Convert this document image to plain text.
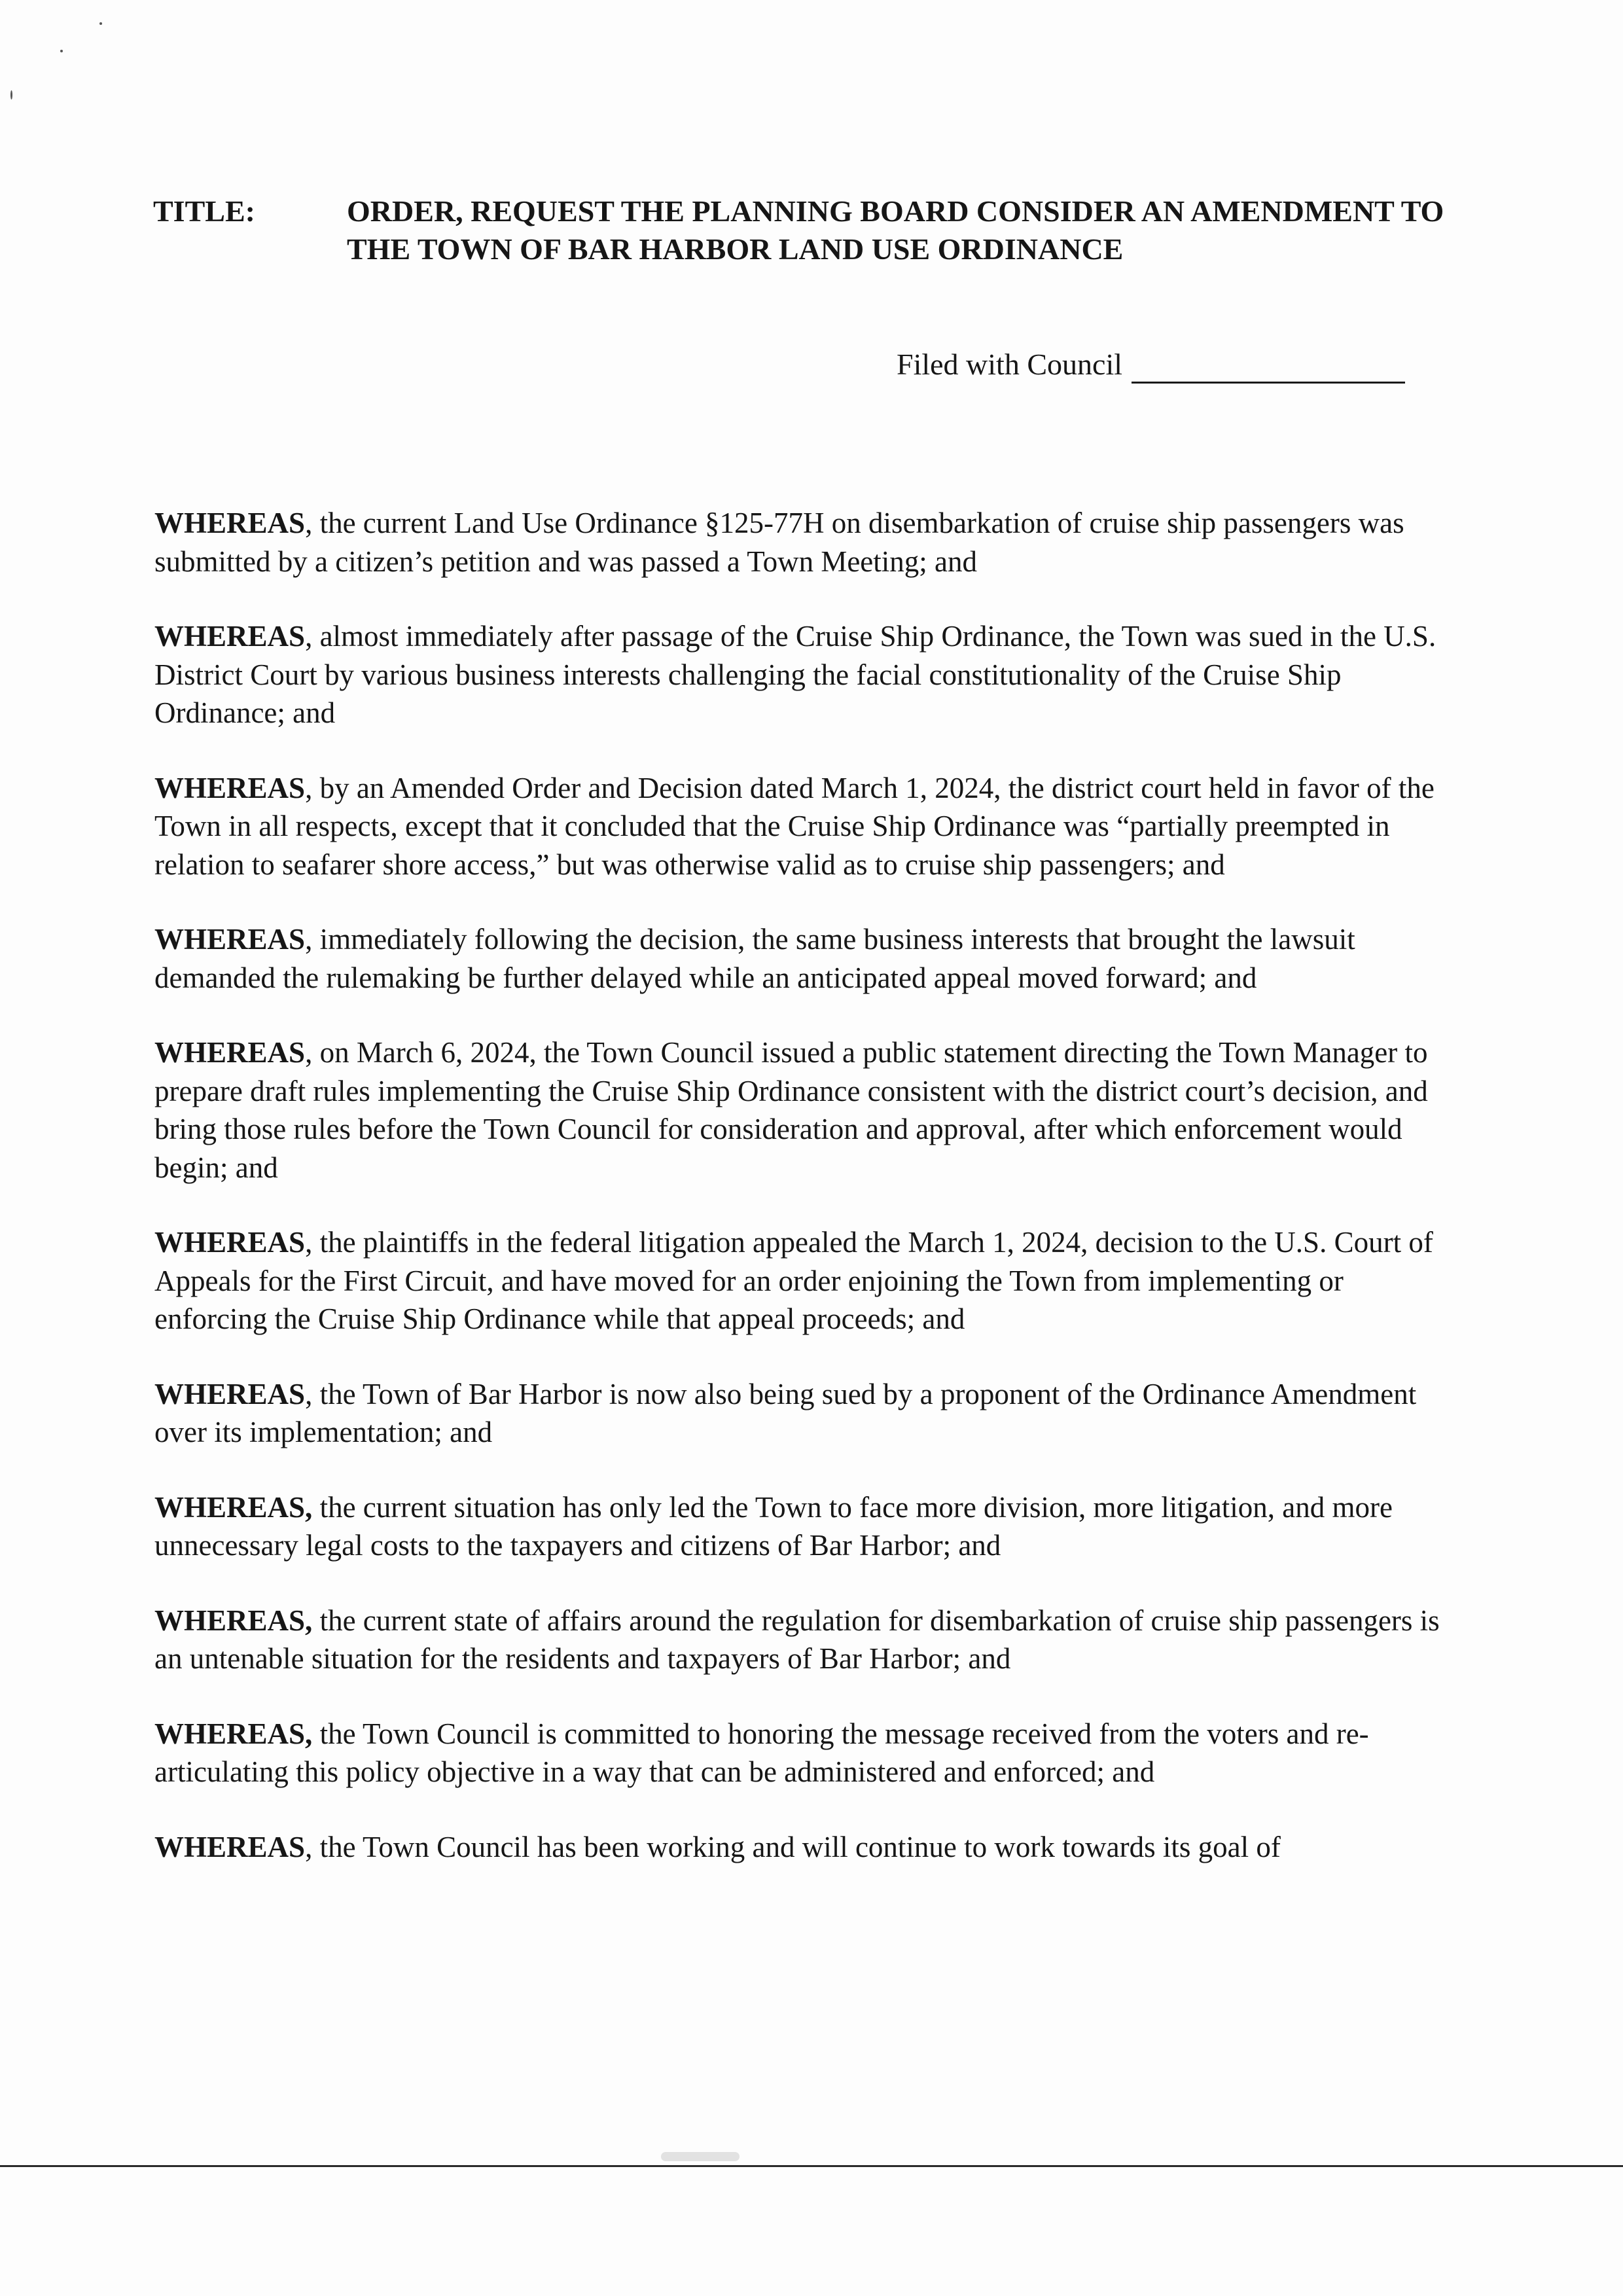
TITLE:	ORDER, REQUEST THE PLANNING BOARD CONSIDER AN AMENDMENT TO THE TOWN OF BAR HARBOR LAND USE ORDINANCE
Filed with Council

WHEREAS, the current Land Use Ordinance §125-77H on disembarkation of cruise ship passengers was submitted by a citizen’s petition and was passed a Town Meeting; and

WHEREAS, almost immediately after passage of the Cruise Ship Ordinance, the Town was sued in the U.S. District Court by various business interests challenging the facial constitutionality of the Cruise Ship Ordinance; and

WHEREAS, by an Amended Order and Decision dated March 1, 2024, the district court held in favor of the Town in all respects, except that it concluded that the Cruise Ship Ordinance was “partially preempted in relation to seafarer shore access,” but was otherwise valid as to cruise ship passengers; and

WHEREAS, immediately following the decision, the same business interests that brought the lawsuit demanded the rulemaking be further delayed while an anticipated appeal moved forward; and

WHEREAS, on March 6, 2024, the Town Council issued a public statement directing the Town Manager to prepare draft rules implementing the Cruise Ship Ordinance consistent with the district court’s decision, and bring those rules before the Town Council for consideration and approval, after which enforcement would begin; and

WHEREAS, the plaintiffs in the federal litigation appealed the March 1, 2024, decision to the U.S. Court of Appeals for the First Circuit, and have moved for an order enjoining the Town from implementing or enforcing the Cruise Ship Ordinance while that appeal proceeds; and

WHEREAS, the Town of Bar Harbor is now also being sued by a proponent of the Ordinance Amendment over its implementation; and

WHEREAS, the current situation has only led the Town to face more division, more litigation, and more unnecessary legal costs to the taxpayers and citizens of Bar Harbor; and

WHEREAS, the current state of affairs around the regulation for disembarkation of cruise ship passengers is an untenable situation for the residents and taxpayers of Bar Harbor; and

WHEREAS, the Town Council is committed to honoring the message received from the voters and re-articulating this policy objective in a way that can be administered and enforced; and

WHEREAS, the Town Council has been working and will continue to work towards its goal of
